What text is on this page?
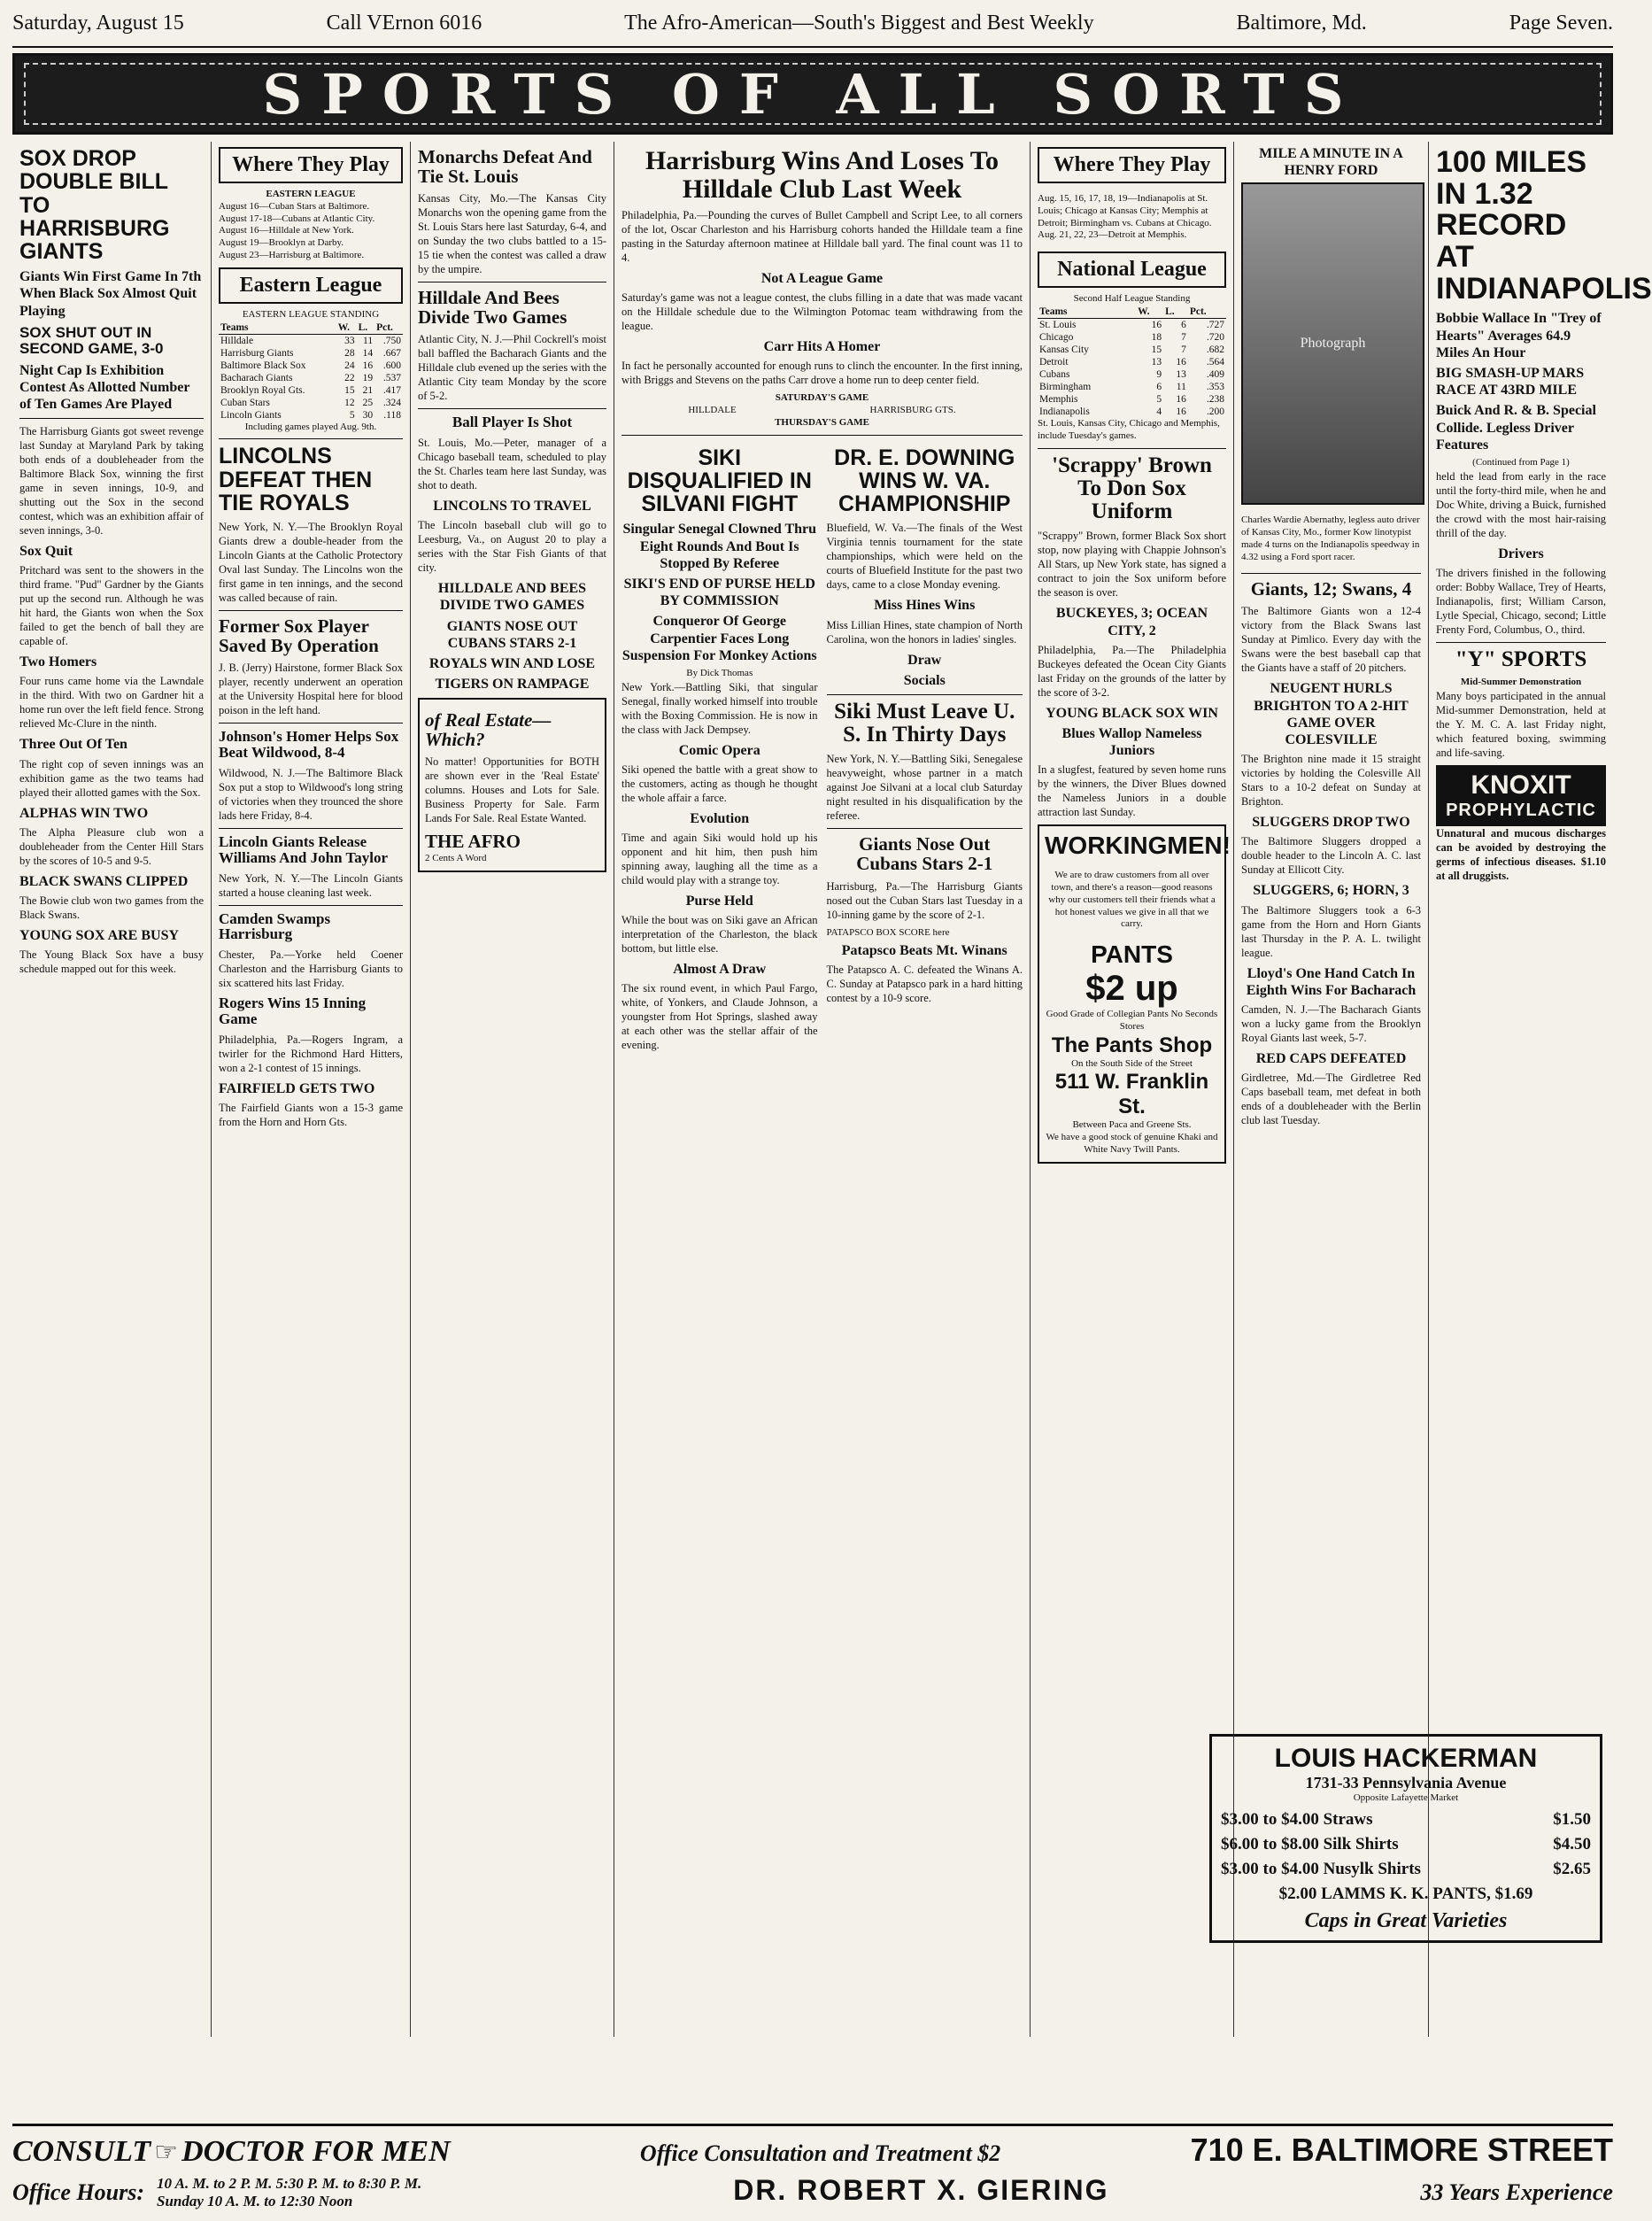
Saturday, August 15	Call VErnon 6016	The Afro-American—South's Biggest and Best Weekly	Baltimore, Md.	Page Seven.
SPORTS OF ALL SORTS
SOX DROP DOUBLE BILL TO HARRISBURG GIANTS
Giants Win First Game In 7th When Black Sox Almost Quit Playing
SOX SHUT OUT IN SECOND GAME, 3-0
Night Cap Is Exhibition Contest As Allotted Number of Ten Games Are Played

The Harrisburg Giants got sweet revenge last Sunday at Maryland Park by taking both ends of a doubleheader from the Baltimore Black Sox, winning the first game in seven innings, 10-9, and shutting out the Sox in the second contest, which was an exhibition affair of seven innings, 3-0.

Sox Quit

Pritchard was sent to the showers in the third frame. "Pud" Gardner by the Giants put up the second run. Although he was hit hard, the Giants won when the Sox failed to get the bench of ball they are capable of.

Two Homers

Four runs came home via the Lawndale in the third. With two on Gardner hit a home run over the left field fence. Strong relieved Mc-Clure in the ninth.

Three Out Of Ten

The right cop of seven innings was an exhibition game as the two teams had played their allotted games with the Sox.

ALPHAS WIN TWO

The Alpha Pleasure club won a doubleheader from the Center Hill Stars by the scores of 10-5 and 9-5.

BLACK SWANS CLIPPED

The Bowie club won two games from the Black Swans.

YOUNG SOX ARE BUSY

The Young Black Sox have a busy schedule mapped out for this week.

Where They Play
EASTERN LEAGUE
August 16—Cuban Stars at Baltimore.
August 17-18—Cubans at Atlantic City.
August 16—Hilldale at New York.
August 19—Brooklyn at Darby.
August 23—Harrisburg at Baltimore.
Eastern League
EASTERN LEAGUE STANDING
Teams	W.	L.	Pct.
Hilldale	33	11	.750
Harrisburg Giants	28	14	.667
Baltimore Black Sox	24	16	.600
Bacharach Giants	22	19	.537
Brooklyn Royal Gts.	15	21	.417
Cuban Stars	12	25	.324
Lincoln Giants	5	30	.118
Including games played Aug. 9th.
LINCOLNS DEFEAT THEN TIE ROYALS

New York, N. Y.—The Brooklyn Royal Giants drew a double-header from the Lincoln Giants at the Catholic Protectory Oval last Sunday. The Lincolns won the first game in ten innings, and the second was called because of rain.

Former Sox Player Saved By Operation

J. B. (Jerry) Hairstone, former Black Sox player, recently underwent an operation at the University Hospital here for blood poison in the left hand.

Johnson's Homer Helps Sox Beat Wildwood, 8-4

Wildwood, N. J.—The Baltimore Black Sox put a stop to Wildwood's long string of victories when they trounced the shore lads here Friday, 8-4.

Lincoln Giants Release Williams And John Taylor

New York, N. Y.—The Lincoln Giants started a house cleaning last week.

Camden Swamps Harrisburg

Chester, Pa.—Yorke held Coener Charleston and the Harrisburg Giants to six scattered hits last Friday.

Rogers Wins 15 Inning Game

Philadelphia, Pa.—Rogers Ingram, a twirler for the Richmond Hard Hitters, won a 2-1 contest of 15 innings.

FAIRFIELD GETS TWO

The Fairfield Giants won a 15-3 game from the Horn and Horn Gts.

Monarchs Defeat And Tie St. Louis

Kansas City, Mo.—The Kansas City Monarchs won the opening game from the St. Louis Stars here last Saturday, 6-4, and on Sunday the two clubs battled to a 15-15 tie when the contest was called a draw by the umpire.

Hilldale And Bees Divide Two Games

Atlantic City, N. J.—Phil Cockrell's moist ball baffled the Bacharach Giants and the Hilldale club evened up the series with the Atlantic City team Monday by the score of 5-2.

Ball Player Is Shot

St. Louis, Mo.—Peter, manager of a Chicago baseball team, scheduled to play the St. Charles team here last Sunday, was shot to death.

LINCOLNS TO TRAVEL

The Lincoln baseball club will go to Leesburg, Va., on August 20 to play a series with the Star Fish Giants of that city.

HILLDALE AND BEES DIVIDE TWO GAMES
GIANTS NOSE OUT CUBANS STARS 2-1
ROYALS WIN AND LOSE
TIGERS ON RAMPAGE
of Real Estate—Which?

No matter! Opportunities for BOTH are shown ever in the 'Real Estate' columns. Houses and Lots for Sale. Business Property for Sale. Farm Lands For Sale. Real Estate Wanted.

THE AFRO
2 Cents A Word
Harrisburg Wins And Loses To Hilldale Club Last Week

Philadelphia, Pa.—Pounding the curves of Bullet Campbell and Script Lee, to all corners of the lot, Oscar Charleston and his Harrisburg cohorts handed the Hilldale team a fine pasting in the Saturday afternoon matinee at Hilldale ball yard. The final count was 11 to 4.

Not A League Game

Saturday's game was not a league contest, the clubs filling in a date that was made vacant on the Hilldale schedule due to the Wilmington Potomac team withdrawing from the league.

Carr Hits A Homer

In fact he personally accounted for enough runs to clinch the encounter. In the first inning, with Briggs and Stevens on the paths Carr drove a home run to deep center field.

SATURDAY'S GAME
HILLDALE	HARRISBURG GTS.
THURSDAY'S GAME
SIKI DISQUALIFIED IN SILVANI FIGHT
Singular Senegal Clowned Thru Eight Rounds And Bout Is Stopped By Referee
SIKI'S END OF PURSE HELD BY COMMISSION
Conqueror Of George Carpentier Faces Long Suspension For Monkey Actions
By Dick Thomas

New York.—Battling Siki, that singular Senegal, finally worked himself into trouble with the Boxing Commission. He is now in the class with Jack Dempsey.

Comic Opera

Siki opened the battle with a great show to the customers, acting as though he thought the whole affair a farce.

Evolution

Time and again Siki would hold up his opponent and hit him, then push him spinning away, laughing all the time as a child would play with a strange toy.

Purse Held

While the bout was on Siki gave an African interpretation of the Charleston, the black bottom, but little else.

Almost A Draw

The six round event, in which Paul Fargo, white, of Yonkers, and Claude Johnson, a youngster from Hot Springs, slashed away at each other was the stellar affair of the evening.

DR. E. DOWNING WINS W. VA. CHAMPIONSHIP

Bluefield, W. Va.—The finals of the West Virginia tennis tournament for the state championships, which were held on the courts of Bluefield Institute for the past two days, came to a close Monday evening.

Miss Hines Wins

Miss Lillian Hines, state champion of North Carolina, won the honors in ladies' singles.

Draw
Socials
Siki Must Leave U. S. In Thirty Days

New York, N. Y.—Battling Siki, Senegalese heavyweight, whose partner in a match against Joe Silvani at a local club Saturday night resulted in his disqualification by the referee.

Giants Nose Out Cubans Stars 2-1

Harrisburg, Pa.—The Harrisburg Giants nosed out the Cuban Stars last Tuesday in a 10-inning game by the score of 2-1.

PATAPSCO BOX SCORE here
Patapsco Beats Mt. Winans

The Patapsco A. C. defeated the Winans A. C. Sunday at Patapsco park in a hard hitting contest by a 10-9 score.

Where They Play

Aug. 15, 16, 17, 18, 19—Indianapolis at St. Louis; Chicago at Kansas City; Memphis at Detroit; Birmingham vs. Cubans at Chicago. Aug. 21, 22, 23—Detroit at Memphis.

National League
Second Half League Standing
Teams	W.	L.	Pct.
St. Louis	16	6	.727
Chicago	18	7	.720
Kansas City	15	7	.682
Detroit	13	16	.564
Cubans	9	13	.409
Birmingham	6	11	.353
Memphis	5	16	.238
Indianapolis	4	16	.200
St. Louis, Kansas City, Chicago and Memphis, include Tuesday's games.
'Scrappy' Brown To Don Sox Uniform

"Scrappy" Brown, former Black Sox short stop, now playing with Chappie Johnson's All Stars, up New York state, has signed a contract to join the Sox uniform before the season is over.

BUCKEYES, 3; OCEAN CITY, 2

Philadelphia, Pa.—The Philadelphia Buckeyes defeated the Ocean City Giants last Friday on the grounds of the latter by the score of 3-2.

YOUNG BLACK SOX WIN
Blues Wallop Nameless Juniors

In a slugfest, featured by seven home runs by the winners, the Diver Blues downed the Nameless Juniors in a double attraction last Sunday.

WORKINGMEN!

We are to draw customers from all over town, and there's a reason—good reasons why our customers tell their friends what a hot honest values we give in all that we carry.

PANTS
$2 up
Good Grade of Collegian Pants No Seconds Stores
The Pants Shop
On the South Side of the Street
511 W. Franklin St.
Between Paca and Greene Sts.
We have a good stock of genuine Khaki and White Navy Twill Pants.
MILE A MINUTE IN A HENRY FORD
Photograph

Charles Wardie Abernathy, legless auto driver of Kansas City, Mo., former Kow linotypist made 4 turns on the Indianapolis speedway in 4.32 using a Ford sport racer.

Giants, 12; Swans, 4

The Baltimore Giants won a 12-4 victory from the Black Swans last Sunday at Pimlico. Every day with the Swans were the best baseball cap that the Giants have a staff of 20 pitchers.

NEUGENT HURLS BRIGHTON TO A 2-HIT GAME OVER COLESVILLE

The Brighton nine made it 15 straight victories by holding the Colesville All Stars to a 10-2 defeat on Sunday at Brighton.

SLUGGERS DROP TWO

The Baltimore Sluggers dropped a double header to the Lincoln A. C. last Sunday at Ellicott City.

SLUGGERS, 6; HORN, 3

The Baltimore Sluggers took a 6-3 game from the Horn and Horn Giants last Thursday in the P. A. L. twilight league.

Lloyd's One Hand Catch In Eighth Wins For Bacharach

Camden, N. J.—The Bacharach Giants won a lucky game from the Brooklyn Royal Giants last week, 5-7.

RED CAPS DEFEATED

Girdletree, Md.—The Girdletree Red Caps baseball team, met defeat in both ends of a doubleheader with the Berlin club last Tuesday.

100 MILES IN 1.32 RECORD AT INDIANAPOLIS
Bobbie Wallace In "Trey of Hearts" Averages 64.9 Miles An Hour
BIG SMASH-UP MARS RACE AT 43RD MILE
Buick And R. & B. Special Collide. Legless Driver Features
(Continued from Page 1)

held the lead from early in the race until the forty-third mile, when he and Doc White, driving a Buick, furnished the crowd with the most hair-raising thrill of the day.

Drivers

The drivers finished in the following order: Bobby Wallace, Trey of Hearts, Indianapolis, first; William Carson, Lytle Special, Chicago, second; Little Frenty Ford, Columbus, O., third.

"Y" SPORTS
Mid-Summer Demonstration

Many boys participated in the annual Mid-summer Demonstration, held at the Y. M. C. A. last Friday night, which featured boxing, swimming and life-saving.

KNOXIT
PROPHYLACTIC

Unnatural and mucous discharges can be avoided by destroying the germs of infectious diseases. $1.10 at all druggists.

LOUIS HACKERMAN
1731-33 Pennsylvania Avenue
Opposite Lafayette Market
$3.00 to $4.00 Straws	$1.50
$6.00 to $8.00 Silk Shirts	$4.50
$3.00 to $4.00 Nusylk Shirts	$2.65
$2.00 LAMMS K. K. PANTS, $1.69
Caps in Great Varieties
CONSULT ☞ DOCTOR FOR MEN	Office Consultation and Treatment $2	710 E. BALTIMORE STREET
Office Hours: 10 A. M. to 2 P. M. 5:30 P. M. to 8:30 P. M.
Sunday 10 A. M. to 12:30 Noon	DR. ROBERT X. GIERING	33 Years Experience
